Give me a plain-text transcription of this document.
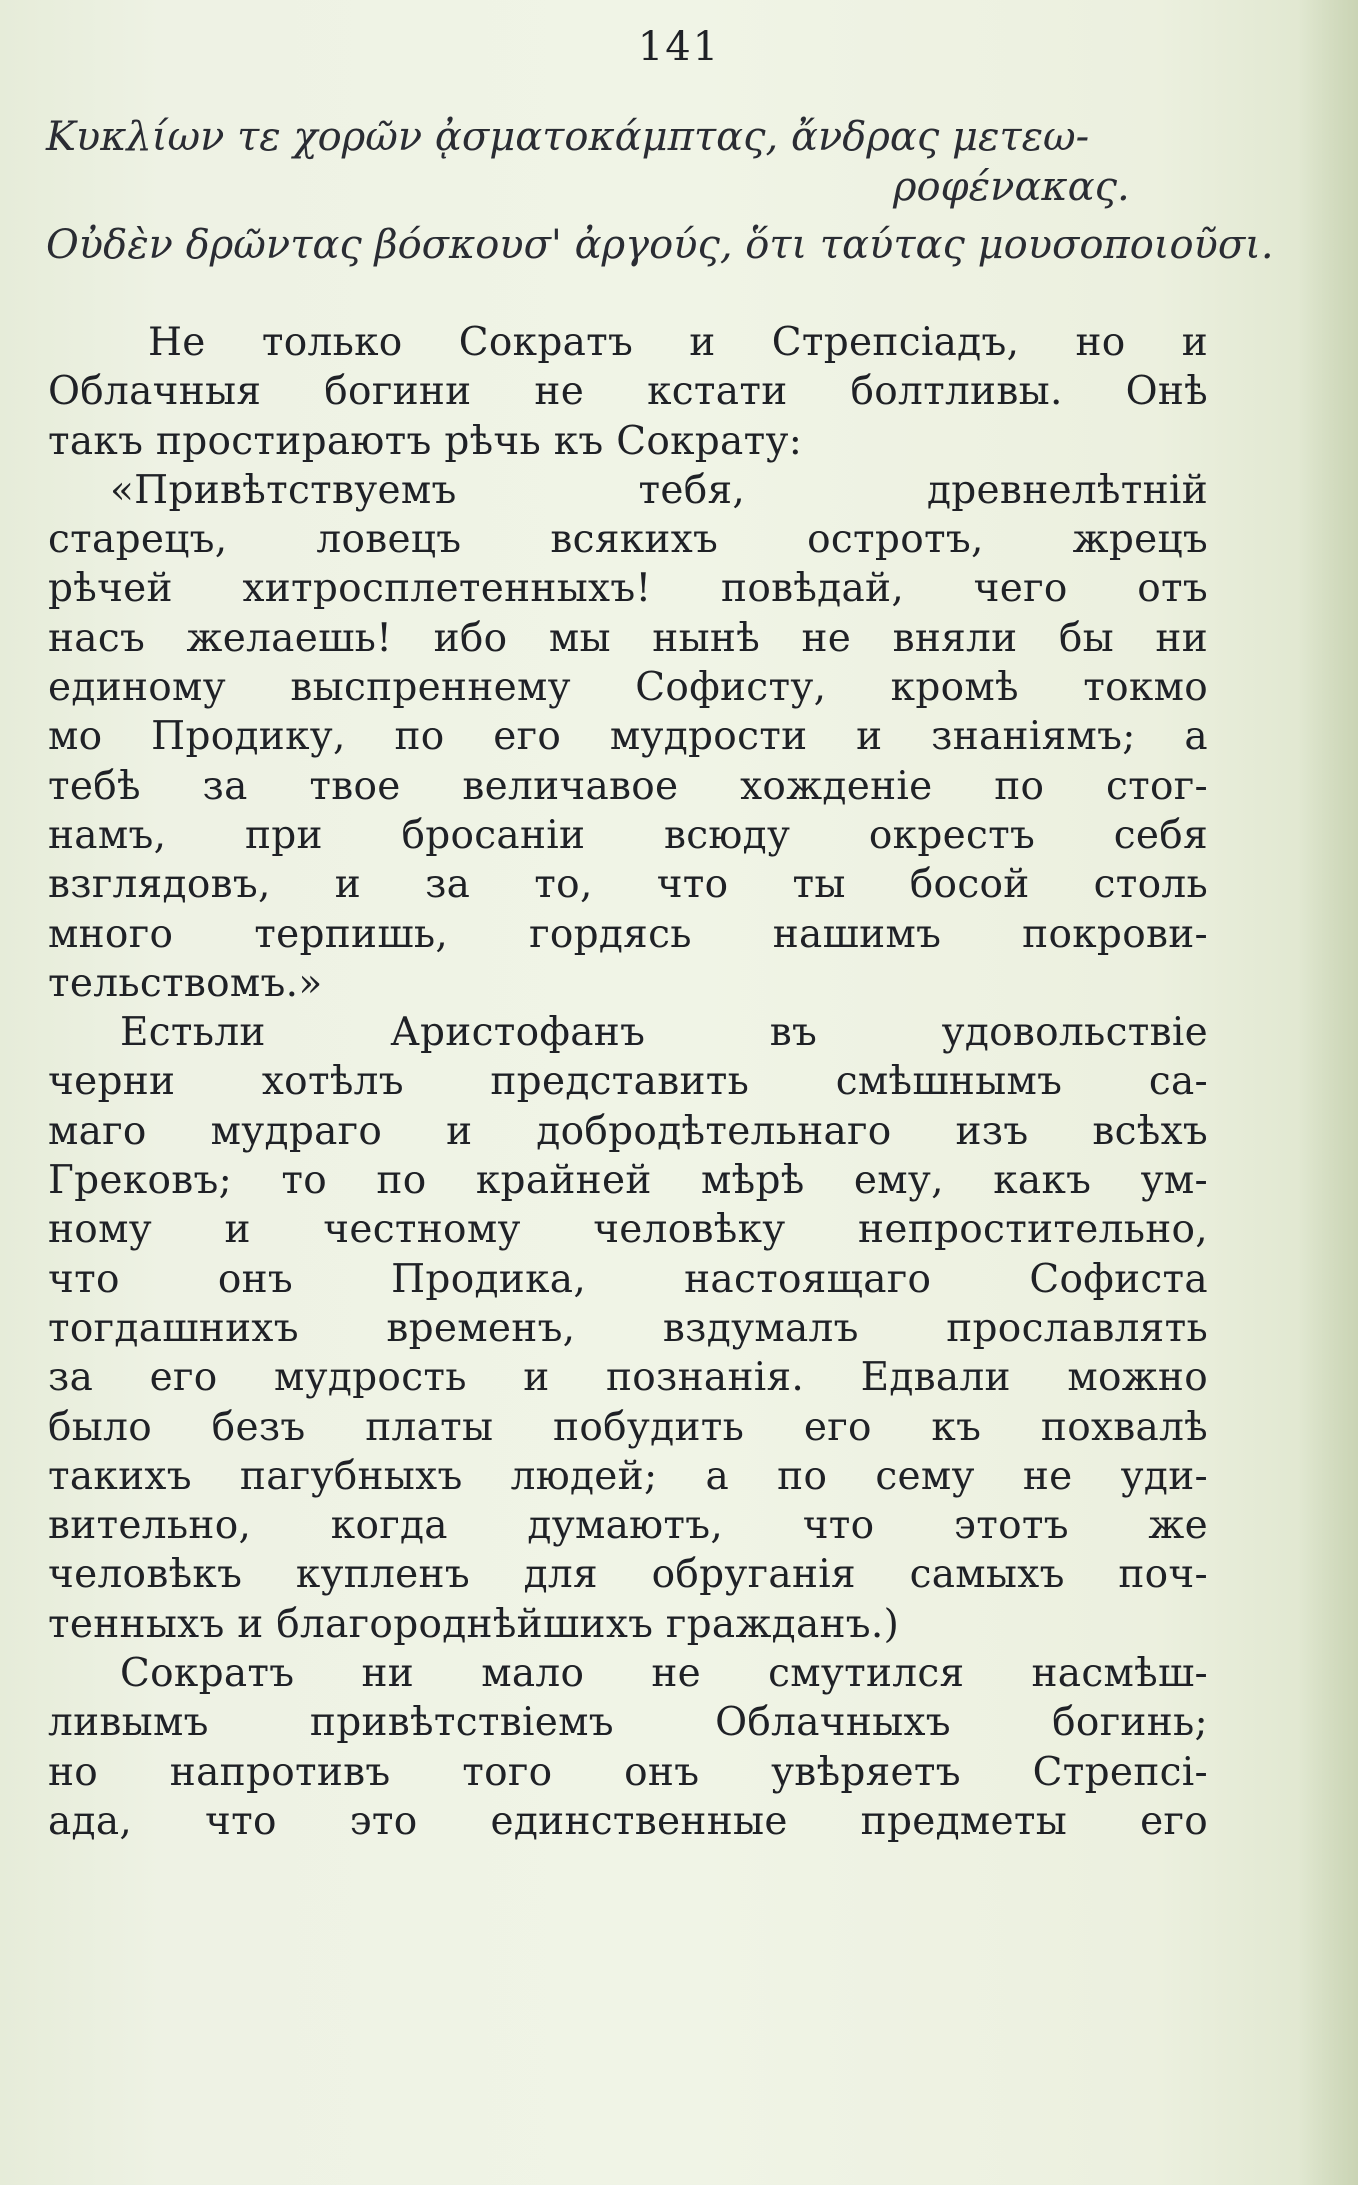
141
Κυκλίων τε χορῶν ᾀσματοκάμπτας, ἄνδρας μετεω-
ροφένακας.
Οὐδὲν δρῶντας βόσκουσ' ἀργούς, ὅτι ταύτας μουσοποιοῦσι.
Не только Сократъ и Стрепсіадъ, но и
Облачныя богини не кстати болтливы. Онѣ
такъ простираютъ рѣчь къ Сократу:
«Привѣтствуемъ тебя, древнелѣтній
старецъ, ловецъ всякихъ остротъ, жрецъ
рѣчей хитросплетенныхъ! повѣдай, чего отъ
насъ желаешь! ибо мы нынѣ не вняли бы ни
единому выспреннему Софисту, кромѣ токмо
мо Продику, по его мудрости и знаніямъ; а
тебѣ за твое величавое хожденіе по стог-
намъ, при бросаніи всюду окрестъ себя
взглядовъ, и за то, что ты босой столь
много терпишь, гордясь нашимъ покрови-
тельствомъ.»
Естьли Аристофанъ въ удовольствіе
черни хотѣлъ представить смѣшнымъ са-
маго мудраго и добродѣтельнаго изъ всѣхъ
Грековъ; то по крайней мѣрѣ ему, какъ ум-
ному и честному человѣку непростительно,
что онъ Продика, настоящаго Софиста
тогдашнихъ временъ, вздумалъ прославлять
за его мудрость и познанія. Едвали можно
было безъ платы побудить его къ похвалѣ
такихъ пагубныхъ людей; а по сему не уди-
вительно, когда думаютъ, что этотъ же
человѣкъ купленъ для обруганія самыхъ поч-
тенныхъ и благороднѣйшихъ гражданъ.)
Сократъ ни мало не смутился насмѣш-
ливымъ привѣтствіемъ Облачныхъ богинь;
но напротивъ того онъ увѣряетъ Стрепсі-
ада, что это единственные предметы его
